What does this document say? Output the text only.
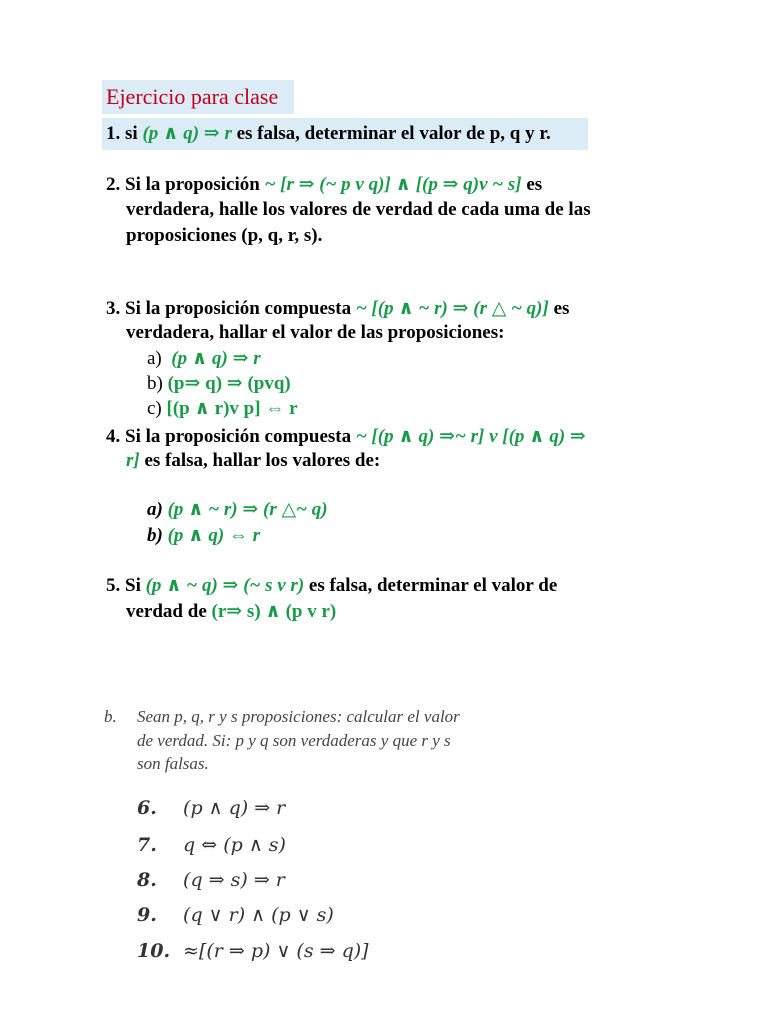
Ejercicio para clase
1. si (p ∧ q) ⇒ r es falsa, determinar el valor de p, q y r.
2. Si la proposición ~ [r ⇒ (~ p v q)] ∧ [(p ⇒ q)v ~ s] es
verdadera, halle los valores de verdad de cada uma de las
proposiciones (p, q, r, s).
3. Si la proposición compuesta ~ [(p ∧ ~ r) ⇒ (r △ ~ q)] es
verdadera, hallar el valor de las proposiciones:
a) (p ∧ q) ⇒ r
b) (p⇒ q) ⇒ (pvq)
c) [(p ∧ r)v p] ⇔ r
4. Si la proposición compuesta ~ [(p ∧ q) ⇒~ r] v [(p ∧ q) ⇒
r] es falsa, hallar los valores de:
a) (p ∧ ~ r) ⇒ (r △~ q)
b) (p ∧ q) ⇔ r
5. Si (p ∧ ~ q) ⇒ (~ s v r) es falsa, determinar el valor de
verdad de (r⇒ s) ∧ (p v r)
b. Sean p, q, r y s proposiciones: calcular el valor
de verdad. Si: p y q son verdaderas y que r y s
son falsas.
6. (p ∧ q) ⇒ r
7. q ⇔ (p ∧ s)
8. (q ⇒ s) ⇒ r
9. (q ∨ r) ∧ (p ∨ s)
10. ≈[(r ⇒ p) ∨ (s ⇒ q)]
